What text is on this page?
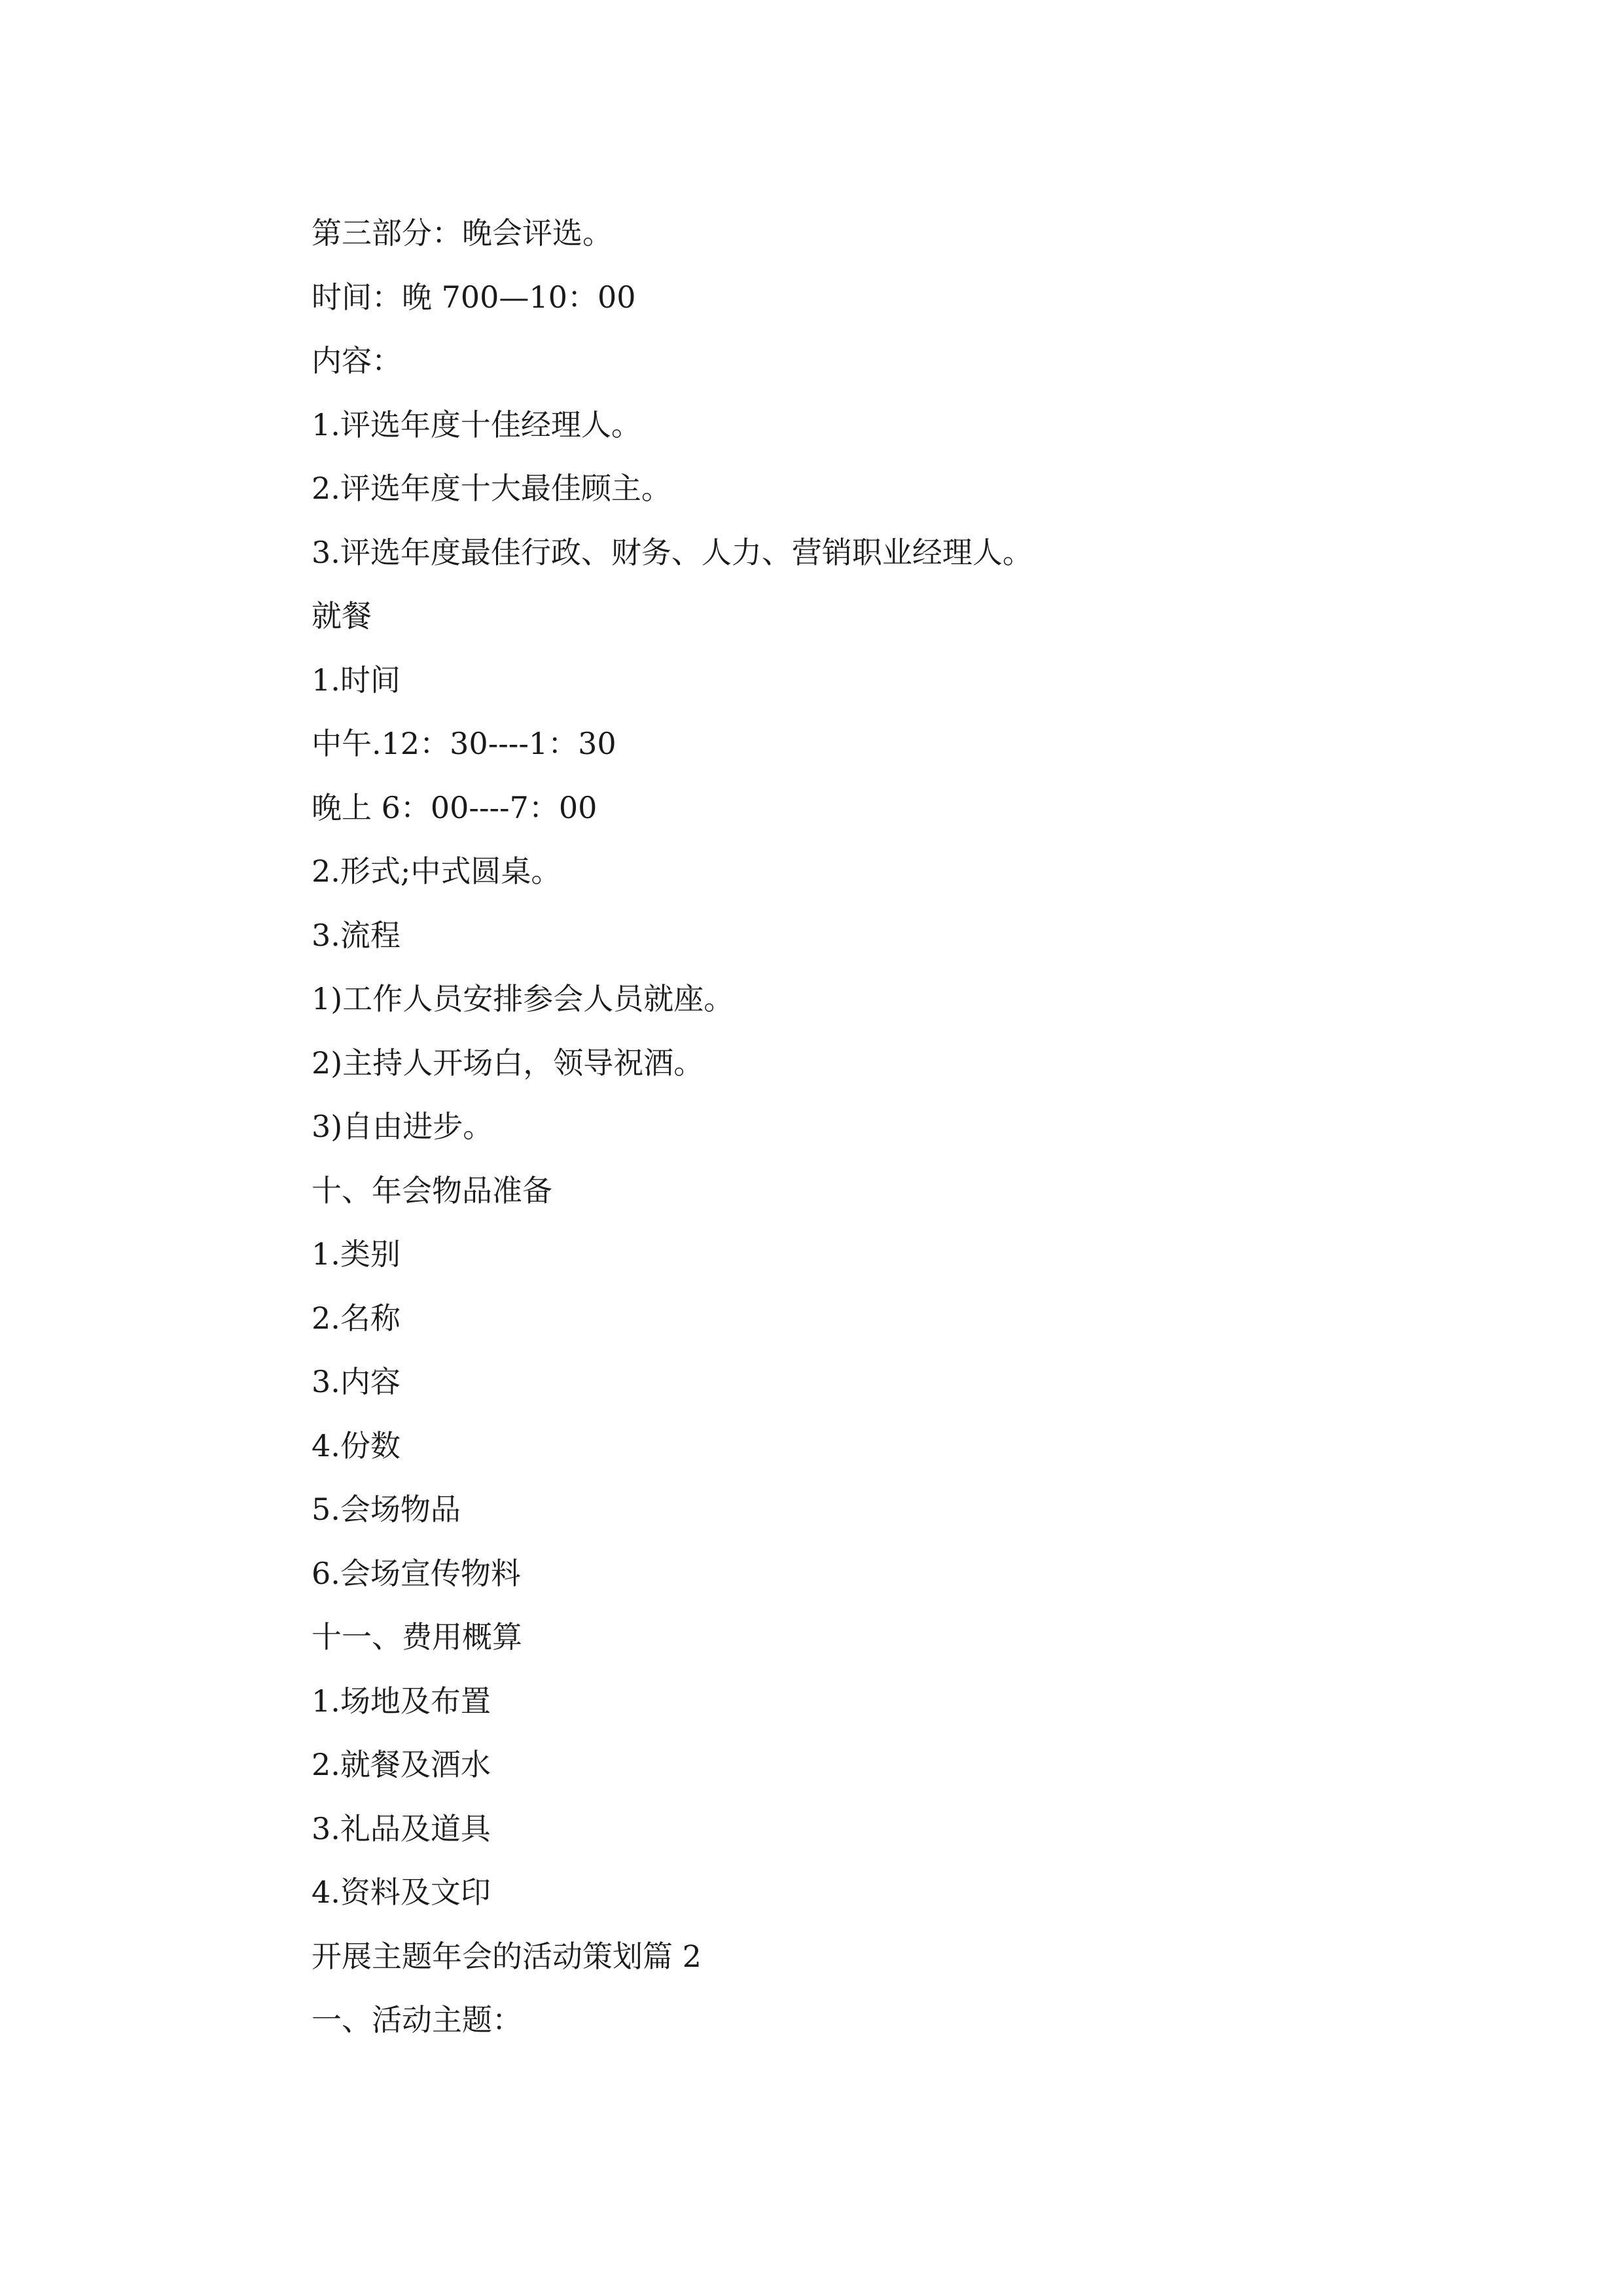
第三部分：晚会评选。

时间：晚 700—10：00

内容：

1.评选年度十佳经理人。

2.评选年度十大最佳顾主。

3.评选年度最佳行政、财务、人力、营销职业经理人。

就餐

1.时间

中午.12：30----1：30

晚上 6：00----7：00

2.形式;中式圆桌。

3.流程

1)工作人员安排参会人员就座。

2)主持人开场白，领导祝酒。

3)自由进步。

十、年会物品准备

1.类别

2.名称

3.内容

4.份数

5.会场物品

6.会场宣传物料

十一、费用概算

1.场地及布置

2.就餐及酒水

3.礼品及道具

4.资料及文印

开展主题年会的活动策划篇 2

一、活动主题：
